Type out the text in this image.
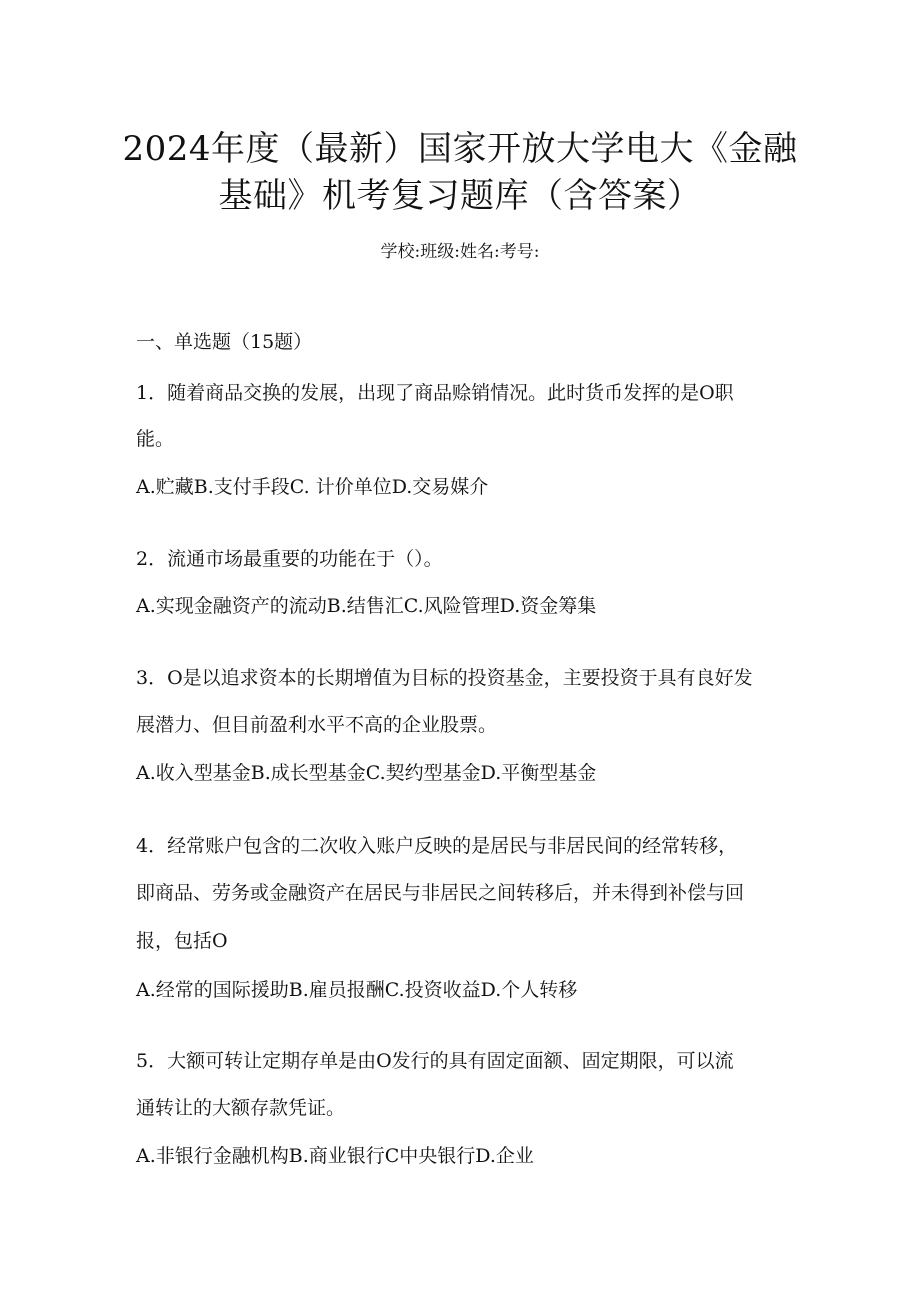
2024年度（最新）国家开放大学电大《金融
基础》机考复习题库（含答案）
学校:班级:姓名:考号:
一、单选题（15题）
1．随着商品交换的发展，出现了商品赊销情况。此时货币发挥的是O职
能。
A.贮藏B.支付手段C. 计价单位D.交易媒介
2．流通市场最重要的功能在于（）。
A.实现金融资产的流动B.结售汇C.风险管理D.资金筹集
3．O是以追求资本的长期增值为目标的投资基金，主要投资于具有良好发
展潜力、但目前盈利水平不高的企业股票。
A.收入型基金B.成长型基金C.契约型基金D.平衡型基金
4．经常账户包含的二次收入账户反映的是居民与非居民间的经常转移，
即商品、劳务或金融资产在居民与非居民之间转移后，并未得到补偿与回
报，包括O
A.经常的国际援助B.雇员报酬C.投资收益D.个人转移
5．大额可转让定期存单是由O发行的具有固定面额、固定期限，可以流
通转让的大额存款凭证。
A.非银行金融机构B.商业银行C中央银行D.企业
